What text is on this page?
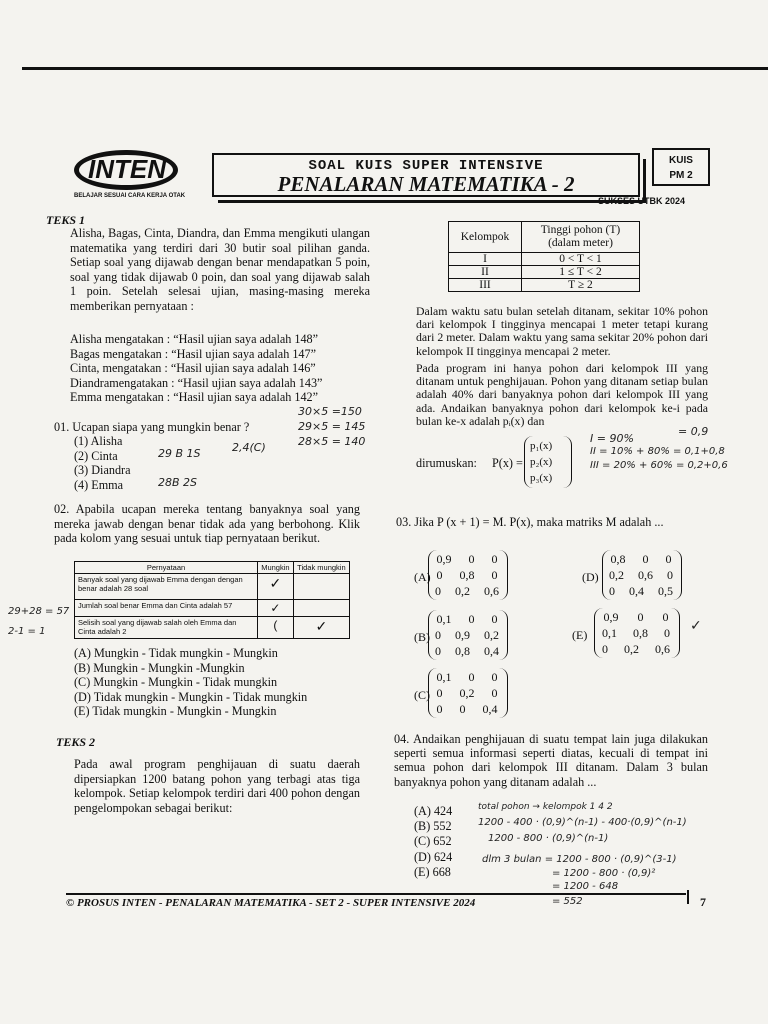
INTEN
BELAJAR SESUAI CARA KERJA OTAK
SOAL KUIS SUPER INTENSIVE
PENALARAN MATEMATIKA - 2
KUIS
PM 2
SUKSES UTBK 2024
TEKS 1
Alisha, Bagas, Cinta, Diandra, dan Emma mengikuti ulangan matematika yang terdiri dari 30 butir soal pilihan ganda. Setiap soal yang dijawab dengan benar mendapatkan 5 poin, soal yang tidak dijawab 0 poin, dan soal yang dijawab salah 1 poin. Setelah selesai ujian, masing-masing mereka memberikan pernyataan :
Alisha mengatakan : “Hasil ujian saya adalah 148”
Bagas mengatakan : “Hasil ujian saya adalah 147”
Cinta, mengatakan : “Hasil ujian saya adalah 146”
Diandramengatakan : “Hasil ujian saya adalah 143”
Emma mengatakan : “Hasil ujian saya adalah 142”
30×5 =150
29×5 = 145
28×5 = 140
01. Ucapan siapa yang mungkin benar ?
(1) Alisha
(2) Cinta
(3) Diandra
(4) Emma
29 B 1S
28B 2S
2,4(C)
02. Apabila ucapan mereka tentang banyaknya soal yang mereka jawab dengan benar tidak ada yang berbohong. Klik pada kolom yang sesuai untuk tiap pernyataan berikut.
Pernyataan	Mungkin	Tidak mungkin
Banyak soal yang dijawab Emma dengan dengan benar adalah 28 soal	✓	
Jumlah soal benar Emma dan Cinta adalah 57	✓	
Selisih soal yang dijawab salah oleh Emma dan Cinta adalah 2	(	✓
29+28 = 57
2-1 = 1
(A) Mungkin - Tidak mungkin - Mungkin
(B) Mungkin - Mungkin -Mungkin
(C) Mungkin - Mungkin - Tidak mungkin
(D) Tidak mungkin - Mungkin - Tidak mungkin
(E) Tidak mungkin - Mungkin - Mungkin
TEKS 2
Pada awal program penghijauan di suatu daerah dipersiapkan 1200 batang pohon yang terbagi atas tiga kelompok. Setiap kelompok terdiri dari 400 pohon dengan pengelompokan sebagai berikut:
Kelompok	Tinggi pohon (T)
(dalam meter)

I	0 < T < 1
II	1 ≤ T < 2
III	T ≥ 2
Dalam waktu satu bulan setelah ditanam, sekitar 10% pohon dari kelompok I tingginya mencapai 1 meter tetapi kurang dari 2 meter. Dalam waktu yang sama sekitar 20% pohon dari kelompok II tingginya mencapai 2 meter.
Pada program ini hanya pohon dari kelompok III yang ditanam untuk penghijauan. Pohon yang ditanam setiap bulan adalah 40% dari banyaknya pohon dari kelompok III yang ada. Andaikan banyaknya pohon dari kelompok ke-i pada bulan ke-x adalah pᵢ(x) dan
dirumuskan: P(x) =
p₁(x)
p₂(x)
p₃(x)
I = 90%
= 0,9
II = 10% + 80% = 0,1+0,8
III = 20% + 60% = 0,2+0,6
03. Jika P (x + 1) = M. P(x), maka matriks M adalah ...
(A)
0,9 0 0
0 0,8 0
0 0,2 0,6
(B)
0,1 0 0
0 0,9 0,2
0 0,8 0,4
(C)
0,1 0 0
0 0,2 0
0 0 0,4
(D)
0,8 0 0
0,2 0,6 0
0 0,4 0,5
(E)
0,9 0 0
0,1 0,8 0
0 0,2 0,6
✓
04. Andaikan penghijauan di suatu tempat lain juga dilakukan seperti semua informasi seperti diatas, kecuali di tempat ini semua pohon dari kelompok III ditanam. Dalam 3 bulan banyaknya pohon yang ditanam adalah ...
(A) 424
(B) 552
(C) 652
(D) 624
(E) 668
total pohon → kelompok 1 4 2
1200 - 400 · (0,9)^(n-1) - 400·(0,9)^(n-1)
1200 - 800 · (0,9)^(n-1)
dlm 3 bulan = 1200 - 800 · (0,9)^(3-1)
= 1200 - 800 · (0,9)²
= 1200 - 648
= 552
© PROSUS INTEN - PENALARAN MATEMATIKA - SET 2 - SUPER INTENSIVE 2024	7
